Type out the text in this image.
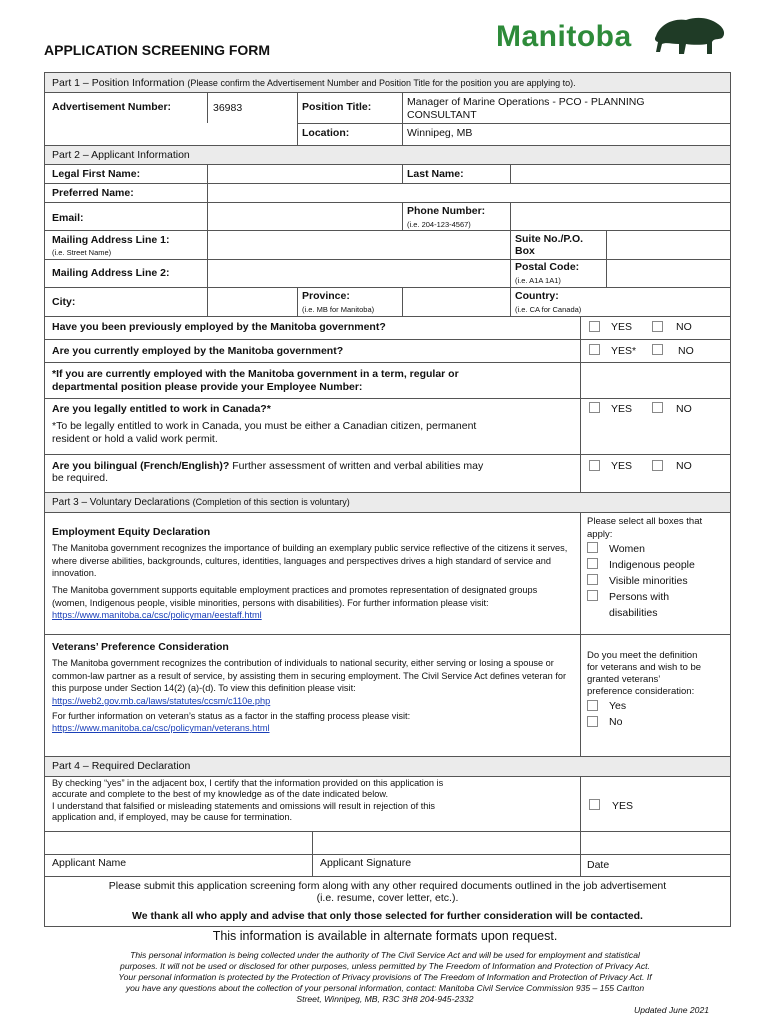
APPLICATION SCREENING FORM	Manitoba
Part 1 – Position Information (Please confirm the Advertisement Number and Position Title for the position you are applying to).
Advertisement Number:	36983	Position Title:	Manager of Marine Operations - PCO - PLANNING
CONSULTANT
Location:	Winnipeg, MB
Part 2 – Applicant Information
Legal First Name:	Last Name:
Preferred Name:
Email:
Phone Number:
(i.e. 204-123-4567)
Mailing Address Line 1:
(i.e. Street Name)
Suite No./P.O.
Box
Mailing Address Line 2:	Postal Code:
(i.e. A1A 1A1)
City:	Province:
(i.e. MB for Manitoba)
Country:
(i.e. CA for Canada)
Have you been previously employed by the Manitoba government?	YES	NO
Are you currently employed by the Manitoba government?	YES*	NO
*If you are currently employed with the Manitoba government in a term, regular or
departmental position please provide your Employee Number:
Are you legally entitled to work in Canada?*	YES	NO
*To be legally entitled to work in Canada, you must be either a Canadian citizen, permanent
resident or hold a valid work permit.
Are you bilingual (French/English)? Further assessment of written and verbal abilities may
be required.
YES	NO
Part 3 – Voluntary Declarations (Completion of this section is voluntary)
Employment Equity Declaration
The Manitoba government recognizes the importance of building an exemplary public service reflective of the citizens it serves, where diverse abilities, backgrounds, cultures, identities, languages and perspectives drives a high standard of service and innovation.
The Manitoba government supports equitable employment practices and promotes representation of designated groups (women, Indigenous people, visible minorities, persons with disabilities). For further information please visit: https://www.manitoba.ca/csc/policyman/eestaff.html
Please select all boxes that
apply:
Women
Indigenous people
Visible minorities
Persons with
disabilities
Veterans’ Preference Consideration
The Manitoba government recognizes the contribution of individuals to national security, either serving or losing a spouse or common-law partner as a result of service, by assisting them in securing employment. The Civil Service Act defines veteran for this purpose under Section 14(2) (a)-(d). To view this definition please visit: https://web2.gov.mb.ca/laws/statutes/ccsm/c110e.php
For further information on veteran’s status as a factor in the staffing process please visit:
https://www.manitoba.ca/csc/policyman/veterans.html
Do you meet the definition
for veterans and wish to be
granted veterans’
preference consideration:
Yes
No
Part 4 – Required Declaration
By checking “yes” in the adjacent box, I certify that the information provided on this application is
accurate and complete to the best of my knowledge as of the date indicated below.
I understand that falsified or misleading statements and omissions will result in rejection of this
application and, if employed, may be cause for termination.
YES
Applicant Name	Applicant Signature	Date
Please submit this application screening form along with any other required documents outlined in the job advertisement
(i.e. resume, cover letter, etc.).
We thank all who apply and advise that only those selected for further consideration will be contacted.
This information is available in alternate formats upon request.
This personal information is being collected under the authority of The Civil Service Act and will be used for employment and statistical
purposes. It will not be used or disclosed for other purposes, unless permitted by The Freedom of Information and Protection of Privacy Act.
Your personal information is protected by the Protection of Privacy provisions of The Freedom of Information and Protection of Privacy Act. If
you have any questions about the collection of your personal information, contact: Manitoba Civil Service Commission 935 – 155 Carlton
Street, Winnipeg, MB, R3C 3H8 204-945-2332
Updated June 2021
